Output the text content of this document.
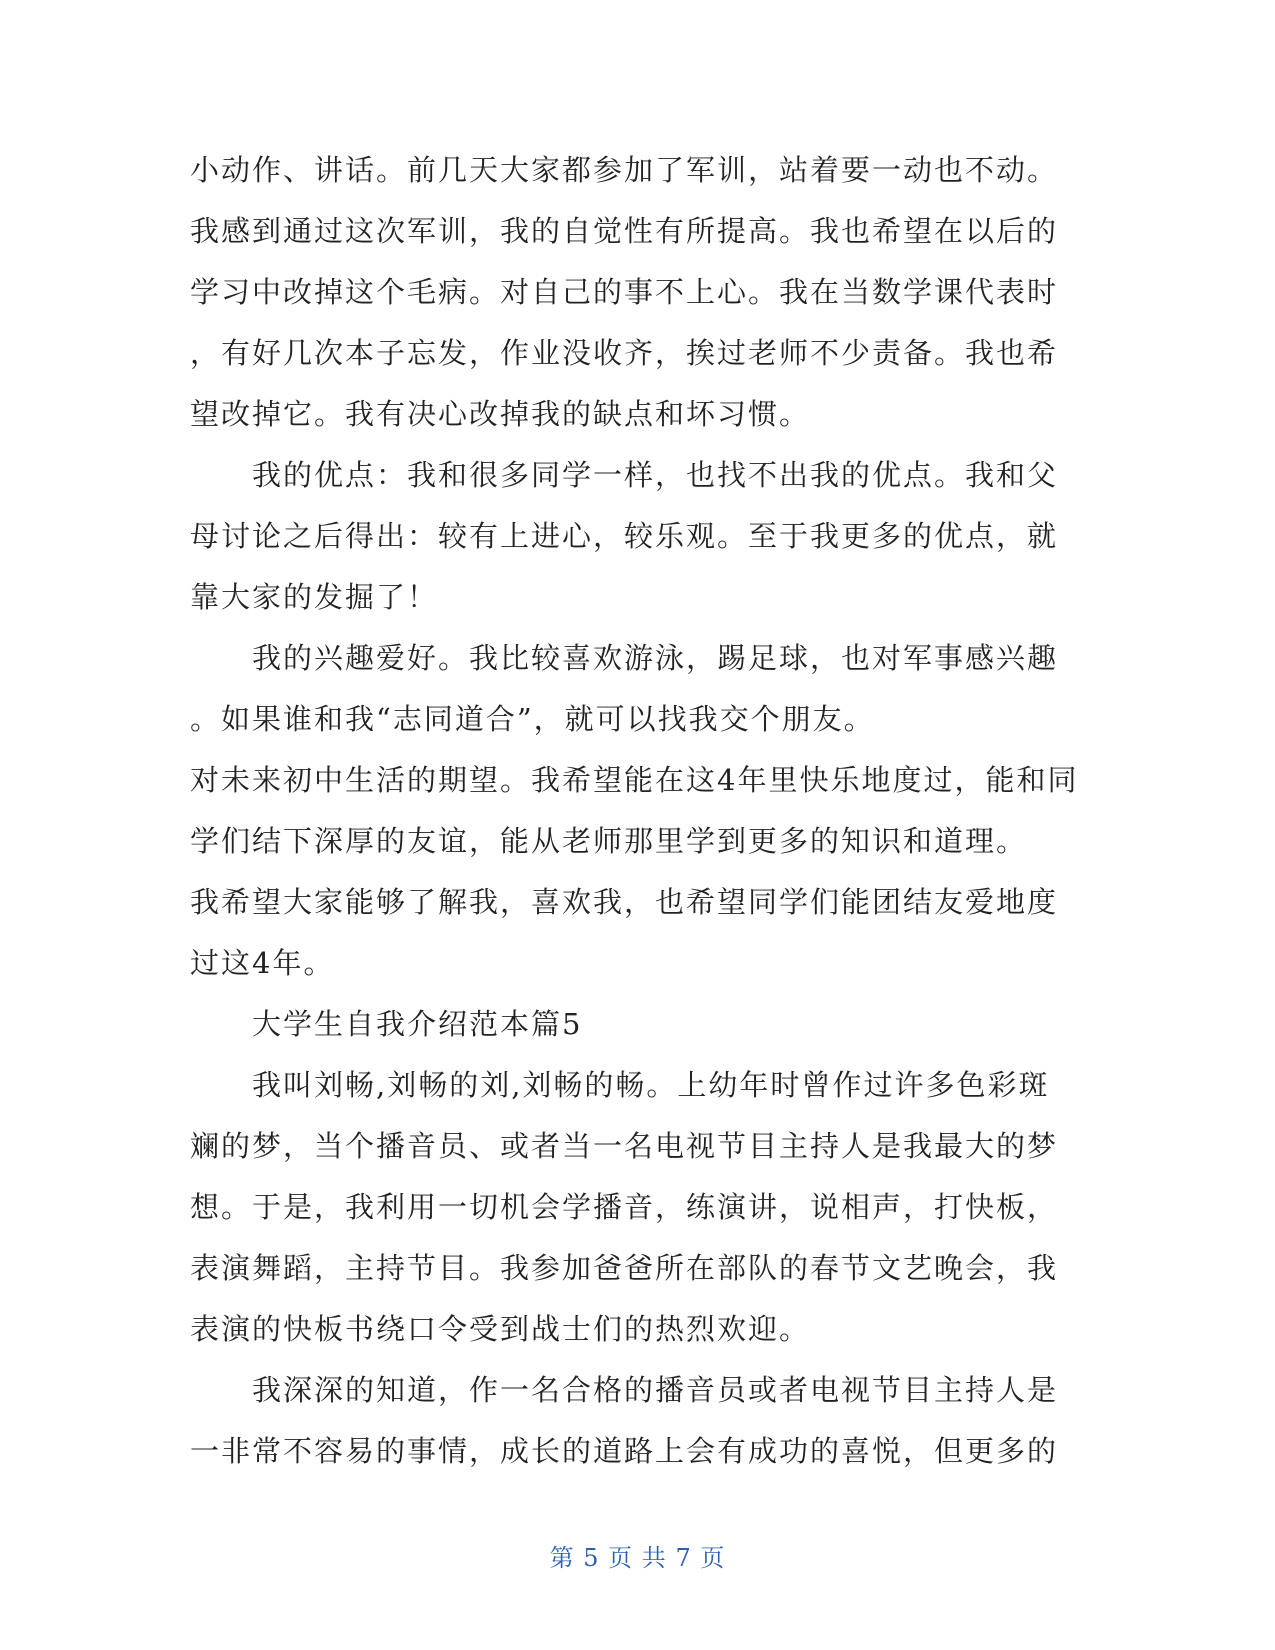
小动作、讲话。前几天大家都参加了军训，站着要一动也不动。
我感到通过这次军训，我的自觉性有所提高。我也希望在以后的
学习中改掉这个毛病。对自己的事不上心。我在当数学课代表时
，有好几次本子忘发，作业没收齐，挨过老师不少责备。我也希
望改掉它。我有决心改掉我的缺点和坏习惯。
　　我的优点：我和很多同学一样，也找不出我的优点。我和父
母讨论之后得出：较有上进心，较乐观。至于我更多的优点，就
靠大家的发掘了！
　　我的兴趣爱好。我比较喜欢游泳，踢足球，也对军事感兴趣
。如果谁和我“志同道合”，就可以找我交个朋友。
对未来初中生活的期望。我希望能在这4年里快乐地度过，能和同
学们结下深厚的友谊，能从老师那里学到更多的知识和道理。
我希望大家能够了解我，喜欢我，也希望同学们能团结友爱地度
过这4年。
　　大学生自我介绍范本篇5
　　我叫刘畅,刘畅的刘,刘畅的畅。上幼年时曾作过许多色彩斑
斓的梦，当个播音员、或者当一名电视节目主持人是我最大的梦
想。于是，我利用一切机会学播音，练演讲，说相声，打快板，
表演舞蹈，主持节目。我参加爸爸所在部队的春节文艺晚会，我
表演的快板书绕口令受到战士们的热烈欢迎。
　　我深深的知道，作一名合格的播音员或者电视节目主持人是
一非常不容易的事情，成长的道路上会有成功的喜悦，但更多的

第 5 页 共 7 页
